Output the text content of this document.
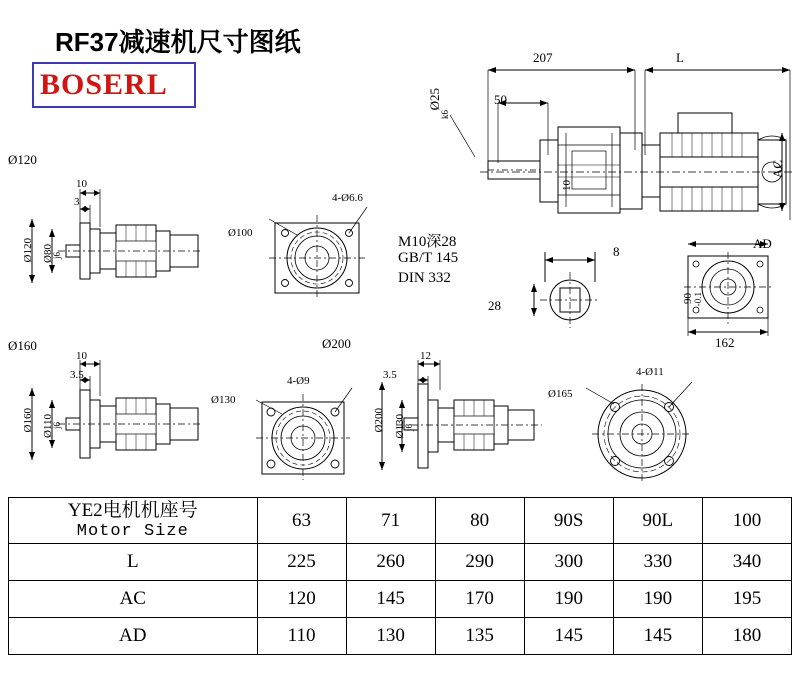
RF37减速机尺寸图纸
BOSERL
207	L
50
Ø25
k6
AC
10
M10深28
GB/T 145
DIN 332
8
28
AD
162
90 -0.1
Ø120
10
3
Ø120 Ø80
j6
4-Ø6.6
Ø100
Ø160
10
3.5
Ø160 Ø110
j6
4-Ø9
Ø130
Ø200
12
3.5
Ø200 Ø130
j6
4-Ø11
Ø165
YE2电机机座号
Motor Size	63	71	80	90S	90L	100
L	225	260	290	300	330	340
AC	120	145	170	190	190	195
AD	110	130	135	145	145	180
